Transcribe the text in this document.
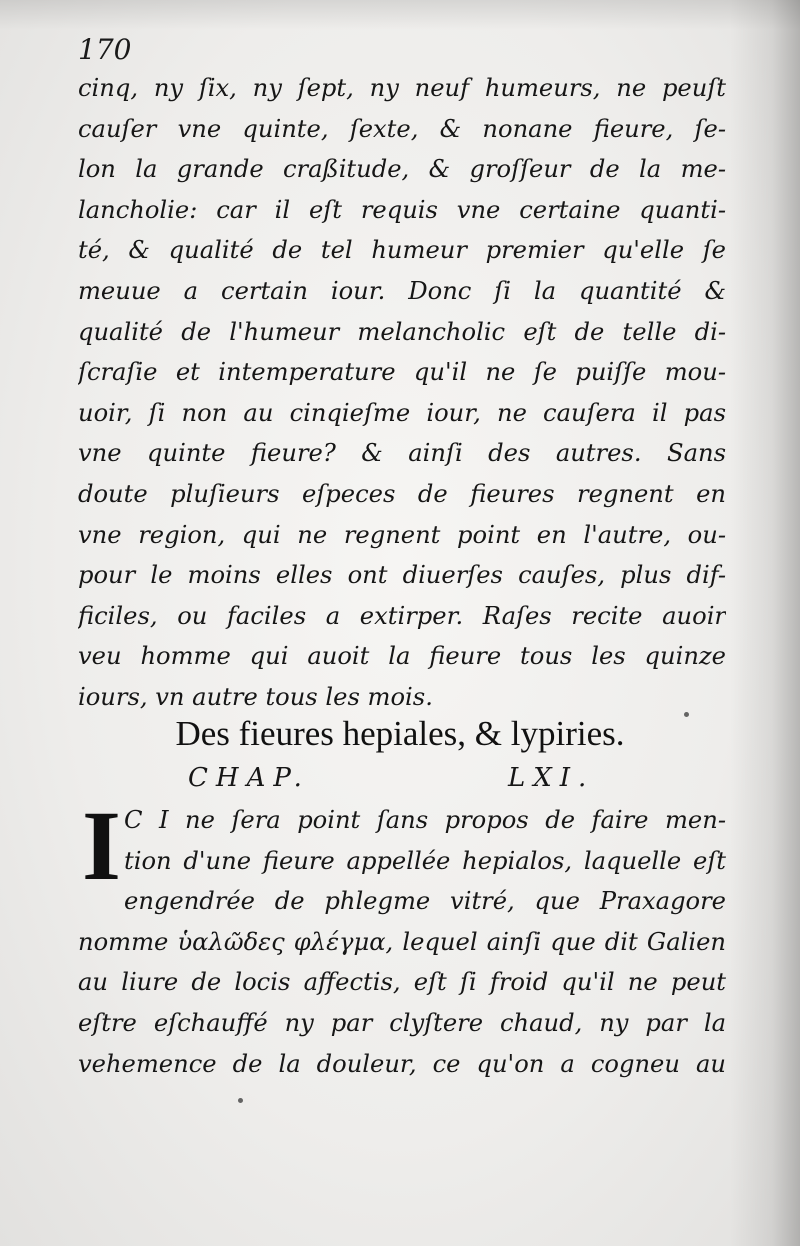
170
cinq, ny ſix, ny ſept, ny neuf humeurs, ne peuſt
cauſer vne quinte, ſexte, & nonane fieure, ſe-
lon la grande craßitude, & groſſeur de la me-
lancholie: car il eſt requis vne certaine quanti-
té, & qualité de tel humeur premier qu'elle ſe
meuue a certain iour. Donc ſi la quantité &
qualité de l'humeur melancholic eſt de telle di-
ſcraſie et intemperature qu'il ne ſe puiſſe mou-
uoir, ſi non au cinqieſme iour, ne cauſera il pas
vne quinte fieure? & ainſi des autres. Sans
doute pluſieurs eſpeces de fieures regnent en
vne region, qui ne regnent point en l'autre, ou-
pour le moins elles ont diuerſes cauſes, plus dif-
ficiles, ou faciles a extirper. Raſes recite auoir
veu homme qui auoit la fieure tous les quinze
iours, vn autre tous les mois.
Des fieures hepiales, & lypiries.
CHAP.	LXI.
I C I ne ſera point ſans propos de faire men-
tion d'une fieure appellée hepialos, laquelle eſt
engendrée de phlegme vitré, que Praxagore
nomme ὑαλῶδες φλέγμα, lequel ainſi que dit Galien
au liure de locis affectis, eſt ſi froid qu'il ne peut
eſtre eſchauffé ny par clyſtere chaud, ny par la
vehemence de la douleur, ce qu'on a cogneu au
